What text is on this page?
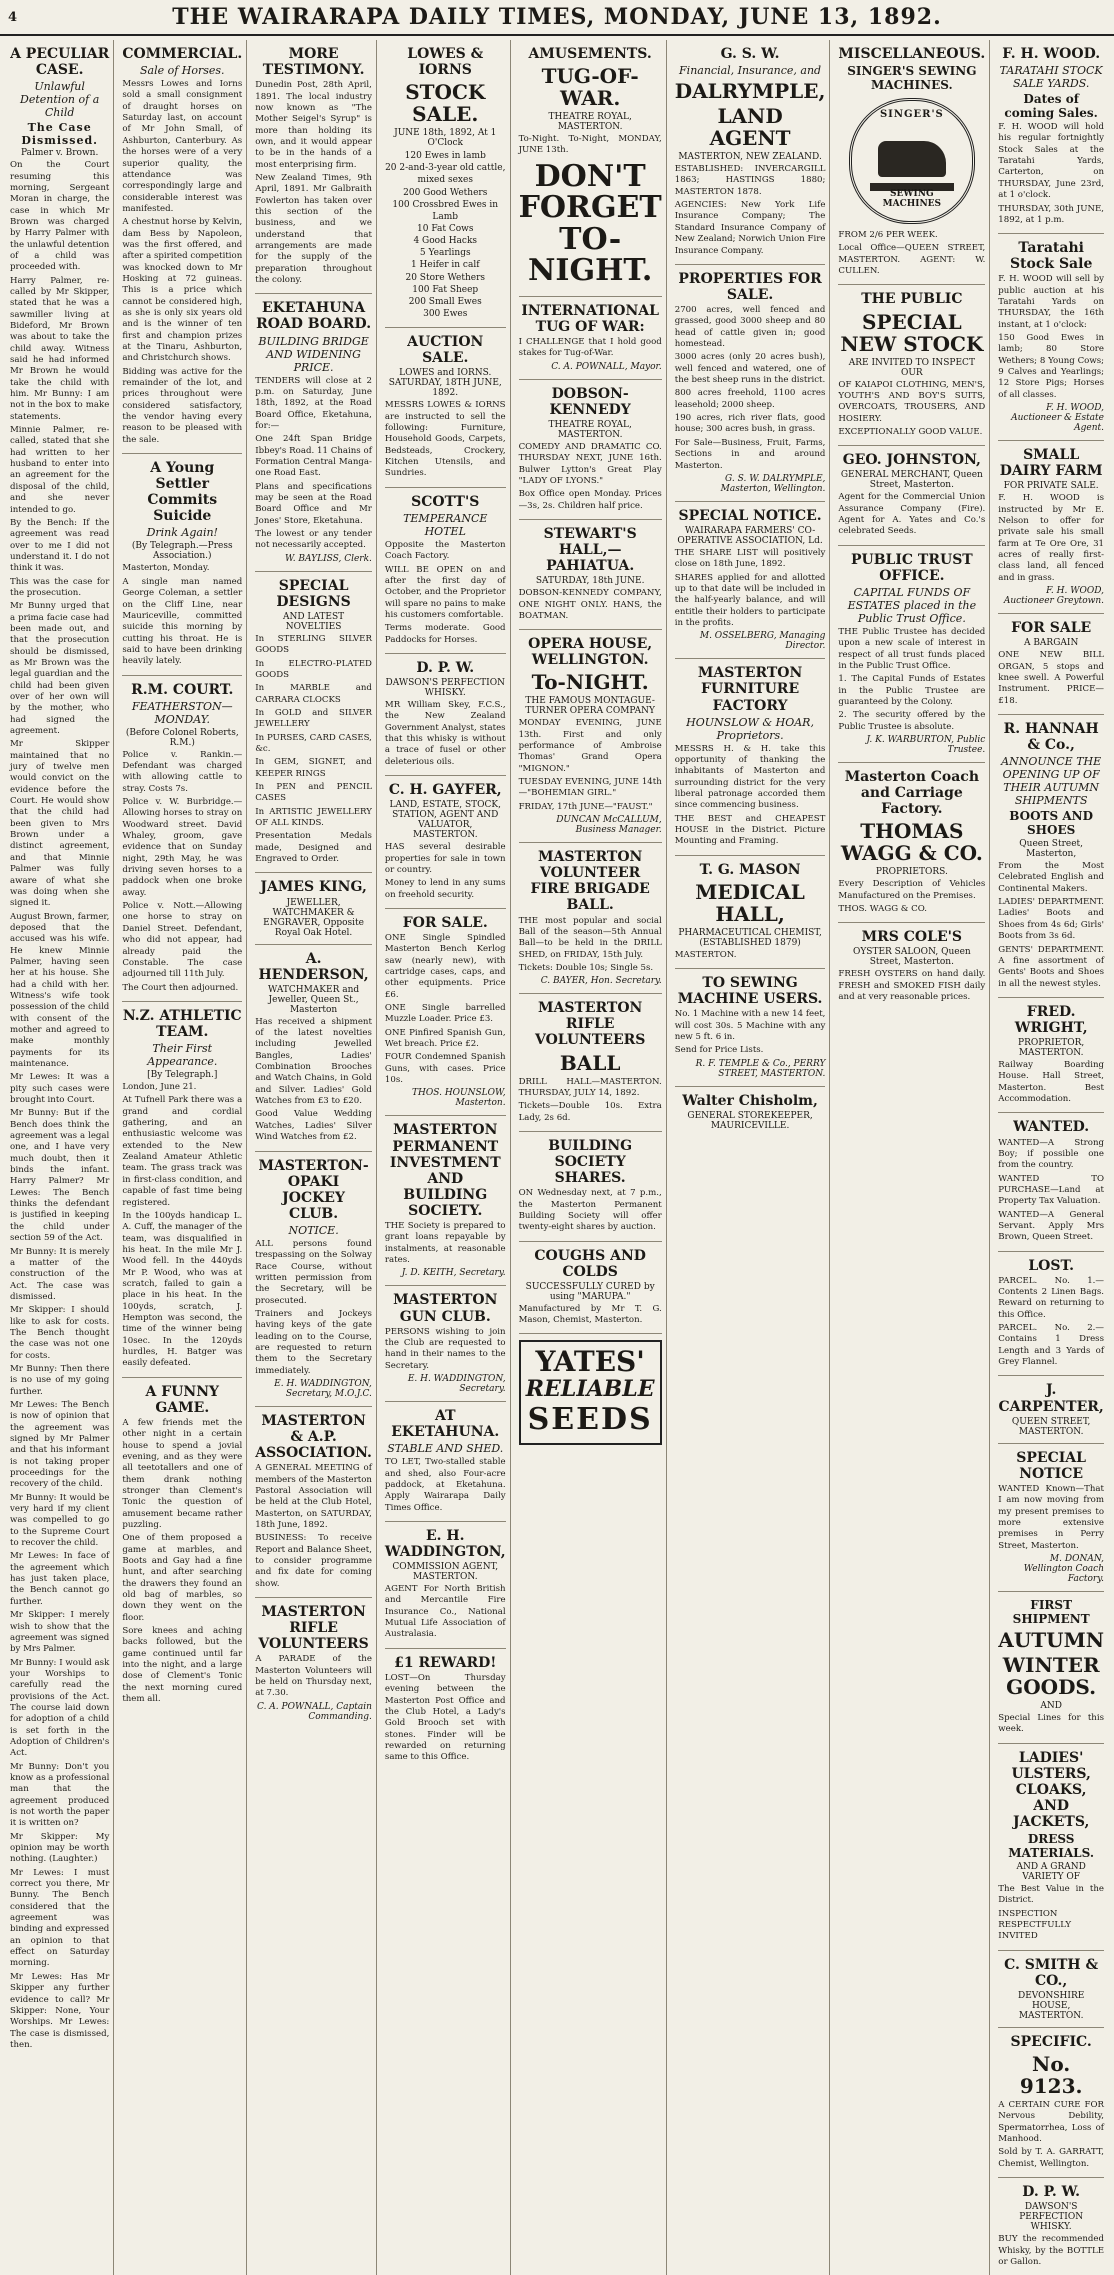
4	THE WAIRARAPA DAILY TIMES, MONDAY, JUNE 13, 1892.
A PECULIAR CASE.
Unlawful Detention of a Child
The Case Dismissed.
Palmer v. Brown.

On the Court resuming this morning, Sergeant Moran in charge, the case in which Mr Brown was charged by Harry Palmer with the unlawful detention of a child was proceeded with.

Harry Palmer, re-called by Mr Skipper, stated that he was a sawmiller living at Bideford, Mr Brown was about to take the child away. Witness said he had informed Mr Brown he would take the child with him. Mr Bunny: I am not in the box to make statements.

Minnie Palmer, re-called, stated that she had written to her husband to enter into an agreement for the disposal of the child, and she never intended to go.

By the Bench: If the agreement was read over to me I did not understand it. I do not think it was.

This was the case for the prosecution.

Mr Bunny urged that a prima facie case had been made out, and that the prosecution should be dismissed, as Mr Brown was the legal guardian and the child had been given over of her own will by the mother, who had signed the agreement.

Mr Skipper maintained that no jury of twelve men would convict on the evidence before the Court. He would show that the child had been given to Mrs Brown under a distinct agreement, and that Minnie Palmer was fully aware of what she was doing when she signed it.

August Brown, farmer, deposed that the accused was his wife. He knew Minnie Palmer, having seen her at his house. She had a child with her. Witness's wife took possession of the child with consent of the mother and agreed to make monthly payments for its maintenance.

Mr Lewes: It was a pity such cases were brought into Court.

Mr Bunny: But if the Bench does think the agreement was a legal one, and I have very much doubt, then it binds the infant. Harry Palmer? Mr Lewes: The Bench thinks the defendant is justified in keeping the child under section 59 of the Act.

Mr Bunny: It is merely a matter of the construction of the Act. The case was dismissed.

Mr Skipper: I should like to ask for costs. The Bench thought the case was not one for costs.

Mr Bunny: Then there is no use of my going further.

Mr Lewes: The Bench is now of opinion that the agreement was signed by Mr Palmer and that his informant is not taking proper proceedings for the recovery of the child.

Mr Bunny: It would be very hard if my client was compelled to go to the Supreme Court to recover the child.

Mr Lewes: In face of the agreement which has just taken place, the Bench cannot go further.

Mr Skipper: I merely wish to show that the agreement was signed by Mrs Palmer.

Mr Bunny: I would ask your Worships to carefully read the provisions of the Act. The course laid down for adoption of a child is set forth in the Adoption of Children's Act.

Mr Bunny: Don't you know as a professional man that the agreement produced is not worth the paper it is written on?

Mr Skipper: My opinion may be worth nothing. (Laughter.)

Mr Lewes: I must correct you there, Mr Bunny. The Bench considered that the agreement was binding and expressed an opinion to that effect on Saturday morning.

Mr Lewes: Has Mr Skipper any further evidence to call? Mr Skipper: None, Your Worships. Mr Lewes: The case is dismissed, then.

COMMERCIAL.
Sale of Horses.

Messrs Lowes and Iorns sold a small consignment of draught horses on Saturday last, on account of Mr John Small, of Ashburton, Canterbury. As the horses were of a very superior quality, the attendance was correspondingly large and considerable interest was manifested.

A chestnut horse by Kelvin, dam Bess by Napoleon, was the first offered, and after a spirited competition was knocked down to Mr Hosking at 72 guineas. This is a price which cannot be considered high, as she is only six years old and is the winner of ten first and champion prizes at the Tinaru, Ashburton, and Christchurch shows.

Bidding was active for the remainder of the lot, and prices throughout were considered satisfactory, the vendor having every reason to be pleased with the sale.

A Young Settler Commits Suicide
Drink Again!
(By Telegraph.—Press Association.)

Masterton, Monday.

A single man named George Coleman, a settler on the Cliff Line, near Mauriceville, committed suicide this morning by cutting his throat. He is said to have been drinking heavily lately.

R.M. COURT.
FEATHERSTON—MONDAY.
(Before Colonel Roberts, R.M.)

Police v. Rankin.—Defendant was charged with allowing cattle to stray. Costs 7s.

Police v. W. Burbridge.—Allowing horses to stray on Woodward street. David Whaley, groom, gave evidence that on Sunday night, 29th May, he was driving seven horses to a paddock when one broke away.

Police v. Nott.—Allowing one horse to stray on Daniel Street. Defendant, who did not appear, had already paid the Constable. The case adjourned till 11th July.

The Court then adjourned.

N.Z. ATHLETIC TEAM.
Their First Appearance.
[By Telegraph.]

London, June 21.

At Tufnell Park there was a grand and cordial gathering, and an enthusiastic welcome was extended to the New Zealand Amateur Athletic team. The grass track was in first-class condition, and capable of fast time being registered.

In the 100yds handicap L. A. Cuff, the manager of the team, was disqualified in his heat. In the mile Mr J. Wood fell. In the 440yds Mr P. Wood, who was at scratch, failed to gain a place in his heat. In the 100yds, scratch, J. Hempton was second, the time of the winner being 10sec. In the 120yds hurdles, H. Batger was easily defeated.

A FUNNY GAME.

A few friends met the other night in a certain house to spend a jovial evening, and as they were all teetotallers and one of them drank nothing stronger than Clement's Tonic the question of amusement became rather puzzling.

One of them proposed a game at marbles, and Boots and Gay had a fine hunt, and after searching the drawers they found an old bag of marbles, so down they went on the floor.

Sore knees and aching backs followed, but the game continued until far into the night, and a large dose of Clement's Tonic the next morning cured them all.

MORE TESTIMONY.

Dunedin Post, 28th April, 1891. The local industry now known as "The Mother Seigel's Syrup" is more than holding its own, and it would appear to be in the hands of a most enterprising firm.

New Zealand Times, 9th April, 1891. Mr Galbraith Fowlerton has taken over this section of the business, and we understand that arrangements are made for the supply of the preparation throughout the colony.

EKETAHUNA ROAD BOARD.
BUILDING BRIDGE AND WIDENING PRICE.

TENDERS will close at 2 p.m. on Saturday, June 18th, 1892, at the Road Board Office, Eketahuna, for:—

One 24ft Span Bridge Ibbey's Road. 11 Chains of Formation Central Manga-one Road East.

Plans and specifications may be seen at the Road Board Office and Mr Jones' Store, Eketahuna.

The lowest or any tender not necessarily accepted.

W. BAYLISS, Clerk.
SPECIAL DESIGNS
AND LATEST NOVELTIES

In STERLING SILVER GOODS

In ELECTRO-PLATED GOODS

In MARBLE and CARRARA CLOCKS

In GOLD and SILVER JEWELLERY

In PURSES, CARD CASES, &c.

In GEM, SIGNET, and KEEPER RINGS

In PEN and PENCIL CASES

In ARTISTIC JEWELLERY OF ALL KINDS.

Presentation Medals made, Designed and Engraved to Order.

JAMES KING,
JEWELLER, WATCHMAKER & ENGRAVER, Opposite Royal Oak Hotel.
A. HENDERSON,
WATCHMAKER and Jeweller, Queen St., Masterton

Has received a shipment of the latest novelties including Jewelled Bangles, Ladies' Combination Brooches and Watch Chains, in Gold and Silver. Ladies' Gold Watches from £3 to £20.

Good Value Wedding Watches, Ladies' Silver Wind Watches from £2.

MASTERTON-OPAKI JOCKEY CLUB.
NOTICE.

ALL persons found trespassing on the Solway Race Course, without written permission from the Secretary, will be prosecuted.

Trainers and Jockeys having keys of the gate leading on to the Course, are requested to return them to the Secretary immediately.

E. H. WADDINGTON, Secretary, M.O.J.C.
MASTERTON & A.P. ASSOCIATION.

A GENERAL MEETING of members of the Masterton Pastoral Association will be held at the Club Hotel, Masterton, on SATURDAY, 18th June, 1892.

BUSINESS: To receive Report and Balance Sheet, to consider programme and fix date for coming show.

MASTERTON RIFLE VOLUNTEERS

A PARADE of the Masterton Volunteers will be held on Thursday next, at 7.30.

C. A. POWNALL, Captain Commanding.
LOWES & IORNS
STOCK SALE.
JUNE 18th, 1892, At 1 O'Clock
120 Ewes in lamb
20 2-and-3-year old cattle, mixed sexes
200 Good Wethers
100 Crossbred Ewes in Lamb
10 Fat Cows
4 Good Hacks
5 Yearlings
1 Heifer in calf
20 Store Wethers
100 Fat Sheep
200 Small Ewes
300 Ewes
AUCTION SALE.
LOWES and IORNS. SATURDAY, 18TH JUNE, 1892.

MESSRS LOWES & IORNS are instructed to sell the following: Furniture, Household Goods, Carpets, Bedsteads, Crockery, Kitchen Utensils, and Sundries.

SCOTT'S
TEMPERANCE HOTEL

Opposite the Masterton Coach Factory.

WILL BE OPEN on and after the first day of October, and the Proprietor will spare no pains to make his customers comfortable.

Terms moderate. Good Paddocks for Horses.

D. P. W.
DAWSON'S PERFECTION WHISKY.

MR William Skey, F.C.S., the New Zealand Government Analyst, states that this whisky is without a trace of fusel or other deleterious oils.

C. H. GAYFER,
LAND, ESTATE, STOCK, STATION, AGENT AND VALUATOR, MASTERTON.

HAS several desirable properties for sale in town or country.

Money to lend in any sums on freehold security.

FOR SALE.

ONE Single Spindled Masterton Bench Kerlog saw (nearly new), with cartridge cases, caps, and other equipments. Price £6.

ONE Single barrelled Muzzle Loader. Price £3.

ONE Pinfired Spanish Gun, Wet breach. Price £2.

FOUR Condemned Spanish Guns, with cases. Price 10s.

THOS. HOUNSLOW, Masterton.
MASTERTON PERMANENT INVESTMENT AND BUILDING SOCIETY.

THE Society is prepared to grant loans repayable by instalments, at reasonable rates.

J. D. KEITH, Secretary.
MASTERTON GUN CLUB.

PERSONS wishing to join the Club are requested to hand in their names to the Secretary.

E. H. WADDINGTON, Secretary.
AT EKETAHUNA.
STABLE AND SHED.

TO LET, Two-stalled stable and shed, also Four-acre paddock, at Eketahuna. Apply Wairarapa Daily Times Office.

E. H. WADDINGTON,
COMMISSION AGENT, MASTERTON.

AGENT For North British and Mercantile Fire Insurance Co., National Mutual Life Association of Australasia.

£1 REWARD!

LOST—On Thursday evening between the Masterton Post Office and the Club Hotel, a Lady's Gold Brooch set with stones. Finder will be rewarded on returning same to this Office.

AMUSEMENTS.
TUG-OF-WAR.
THEATRE ROYAL, MASTERTON.

To-Night. To-Night, MONDAY, JUNE 13th.

DON'T FORGET TO-NIGHT.
INTERNATIONAL TUG OF WAR:

I CHALLENGE that I hold good stakes for Tug-of-War.

C. A. POWNALL, Mayor.
DOBSON-KENNEDY
THEATRE ROYAL, MASTERTON.

COMEDY AND DRAMATIC CO. THURSDAY NEXT, JUNE 16th. Bulwer Lytton's Great Play "LADY OF LYONS."

Box Office open Monday. Prices—3s, 2s. Children half price.

STEWART'S HALL,—PAHIATUA.
SATURDAY, 18th JUNE.

DOBSON-KENNEDY COMPANY, ONE NIGHT ONLY. HANS, the BOATMAN.

OPERA HOUSE, WELLINGTON.
To-NIGHT.
THE FAMOUS MONTAGUE-TURNER OPERA COMPANY

MONDAY EVENING, JUNE 13th. First and only performance of Ambroise Thomas' Grand Opera "MIGNON."

TUESDAY EVENING, JUNE 14th—"BOHEMIAN GIRL."

FRIDAY, 17th JUNE—"FAUST."

DUNCAN McCALLUM, Business Manager.
MASTERTON VOLUNTEER FIRE BRIGADE BALL.

THE most popular and social Ball of the season—5th Annual Ball—to be held in the DRILL SHED, on FRIDAY, 15th July.

Tickets: Double 10s; Single 5s.

C. BAYER, Hon. Secretary.
MASTERTON RIFLE VOLUNTEERS
BALL

DRILL HALL—MASTERTON. THURSDAY, JULY 14, 1892.

Tickets—Double 10s. Extra Lady, 2s 6d.

BUILDING SOCIETY SHARES.

ON Wednesday next, at 7 p.m., the Masterton Permanent Building Society will offer twenty-eight shares by auction.

COUGHS AND COLDS
SUCCESSFULLY CURED by using "MARUPA."

Manufactured by Mr T. G. Mason, Chemist, Masterton.

YATES'
RELIABLE
SEEDS
G. S. W.
Financial, Insurance, and
DALRYMPLE,
LAND AGENT
MASTERTON, NEW ZEALAND.

ESTABLISHED: INVERCARGILL 1863; HASTINGS 1880; MASTERTON 1878.

AGENCIES: New York Life Insurance Company; The Standard Insurance Company of New Zealand; Norwich Union Fire Insurance Company.

PROPERTIES FOR SALE.

2700 acres, well fenced and grassed, good 3000 sheep and 80 head of cattle given in; good homestead.

3000 acres (only 20 acres bush), well fenced and watered, one of the best sheep runs in the district.

800 acres freehold, 1100 acres leasehold; 2000 sheep.

190 acres, rich river flats, good house; 300 acres bush, in grass.

For Sale—Business, Fruit, Farms, Sections in and around Masterton.

G. S. W. DALRYMPLE, Masterton, Wellington.
SPECIAL NOTICE.
WAIRARAPA FARMERS' CO-OPERATIVE ASSOCIATION, Ld.

THE SHARE LIST will positively close on 18th June, 1892.

SHARES applied for and allotted up to that date will be included in the half-yearly balance, and will entitle their holders to participate in the profits.

M. OSSELBERG, Managing Director.
MASTERTON FURNITURE FACTORY
HOUNSLOW & HOAR, Proprietors.

MESSRS H. & H. take this opportunity of thanking the inhabitants of Masterton and surrounding district for the very liberal patronage accorded them since commencing business.

THE BEST and CHEAPEST HOUSE in the District. Picture Mounting and Framing.

T. G. MASON
MEDICAL HALL,
PHARMACEUTICAL CHEMIST, (ESTABLISHED 1879)

MASTERTON.

TO SEWING MACHINE USERS.

No. 1 Machine with a new 14 feet, will cost 30s. 5 Machine with any new 5 ft. 6 in.

Send for Price Lists.

R. F. TEMPLE & Co., PERRY STREET, MASTERTON.
Walter Chisholm,
GENERAL STOREKEEPER, MAURICEVILLE.
MISCELLANEOUS.
SINGER'S SEWING MACHINES.
SINGER'S
SEWING MACHINES

FROM 2/6 PER WEEK.

Local Office—QUEEN STREET, MASTERTON. AGENT: W. CULLEN.

THE PUBLIC
SPECIAL NEW STOCK
ARE INVITED TO INSPECT OUR

OF KAIAPOI CLOTHING, MEN'S, YOUTH'S AND BOY'S SUITS, OVERCOATS, TROUSERS, AND HOSIERY.

EXCEPTIONALLY GOOD VALUE.

GEO. JOHNSTON,
GENERAL MERCHANT, Queen Street, Masterton.

Agent for the Commercial Union Assurance Company (Fire). Agent for A. Yates and Co.'s celebrated Seeds.

PUBLIC TRUST OFFICE.
CAPITAL FUNDS OF ESTATES placed in the Public Trust Office.

THE Public Trustee has decided upon a new scale of interest in respect of all trust funds placed in the Public Trust Office.

1. The Capital Funds of Estates in the Public Trustee are guaranteed by the Colony.

2. The security offered by the Public Trustee is absolute.

J. K. WARBURTON, Public Trustee.
Masterton Coach and Carriage Factory.
THOMAS WAGG & CO.
PROPRIETORS.

Every Description of Vehicles Manufactured on the Premises.

THOS. WAGG & CO.

MRS COLE'S
OYSTER SALOON, Queen Street, Masterton.

FRESH OYSTERS on hand daily. FRESH and SMOKED FISH daily and at very reasonable prices.

F. H. WOOD.
TARATAHI STOCK SALE YARDS.
Dates of coming Sales.

F. H. WOOD will hold his regular fortnightly Stock Sales at the Taratahi Yards, Carterton, on THURSDAY, June 23rd, at 1 o'clock.

THURSDAY, 30th JUNE, 1892, at 1 p.m.

Taratahi Stock Sale

F. H. WOOD will sell by public auction at his Taratahi Yards on THURSDAY, the 16th instant, at 1 o'clock:

150 Good Ewes in lamb; 80 Store Wethers; 8 Young Cows; 9 Calves and Yearlings; 12 Store Pigs; Horses of all classes.

F. H. WOOD, Auctioneer & Estate Agent.
SMALL DAIRY FARM
FOR PRIVATE SALE.

F. H. WOOD is instructed by Mr E. Nelson to offer for private sale his small farm at Te Ore Ore, 31 acres of really first-class land, all fenced and in grass.

F. H. WOOD, Auctioneer Greytown.
FOR SALE
A BARGAIN

ONE NEW BILL ORGAN, 5 stops and knee swell. A Powerful Instrument. PRICE—£18.

R. HANNAH & Co.,
ANNOUNCE THE OPENING UP OF THEIR AUTUMN SHIPMENTS
BOOTS AND SHOES
Queen Street, Masterton,

From the Most Celebrated English and Continental Makers.

LADIES' DEPARTMENT. Ladies' Boots and Shoes from 4s 6d; Girls' Boots from 3s 6d.

GENTS' DEPARTMENT. A fine assortment of Gents' Boots and Shoes in all the newest styles.

FRED. WRIGHT,
PROPRIETOR, MASTERTON.

Railway Boarding House. Hall Street, Masterton. Best Accommodation.

WANTED.

WANTED—A Strong Boy; if possible one from the country.

WANTED TO PURCHASE—Land at Property Tax Valuation.

WANTED—A General Servant. Apply Mrs Brown, Queen Street.

LOST.

PARCEL. No. 1.—Contents 2 Linen Bags. Reward on returning to this Office.

PARCEL. No. 2.—Contains 1 Dress Length and 3 Yards of Grey Flannel.

J. CARPENTER,
QUEEN STREET, MASTERTON.
SPECIAL NOTICE

WANTED Known—That I am now moving from my present premises to more extensive premises in Perry Street, Masterton.

M. DONAN, Wellington Coach Factory.
FIRST SHIPMENT
AUTUMN
WINTER GOODS.
AND

Special Lines for this week.

LADIES' ULSTERS, CLOAKS, AND JACKETS,
DRESS MATERIALS.
AND A GRAND VARIETY OF

The Best Value in the District.

INSPECTION RESPECTFULLY INVITED

C. SMITH & CO.,
DEVONSHIRE HOUSE, MASTERTON.
SPECIFIC.
No. 9123.

A CERTAIN CURE FOR Nervous Debility, Spermatorrhea, Loss of Manhood.

Sold by T. A. GARRATT, Chemist, Wellington.

D. P. W.
DAWSON'S PERFECTION WHISKY.

BUY the recommended Whisky, by the BOTTLE or Gallon.
